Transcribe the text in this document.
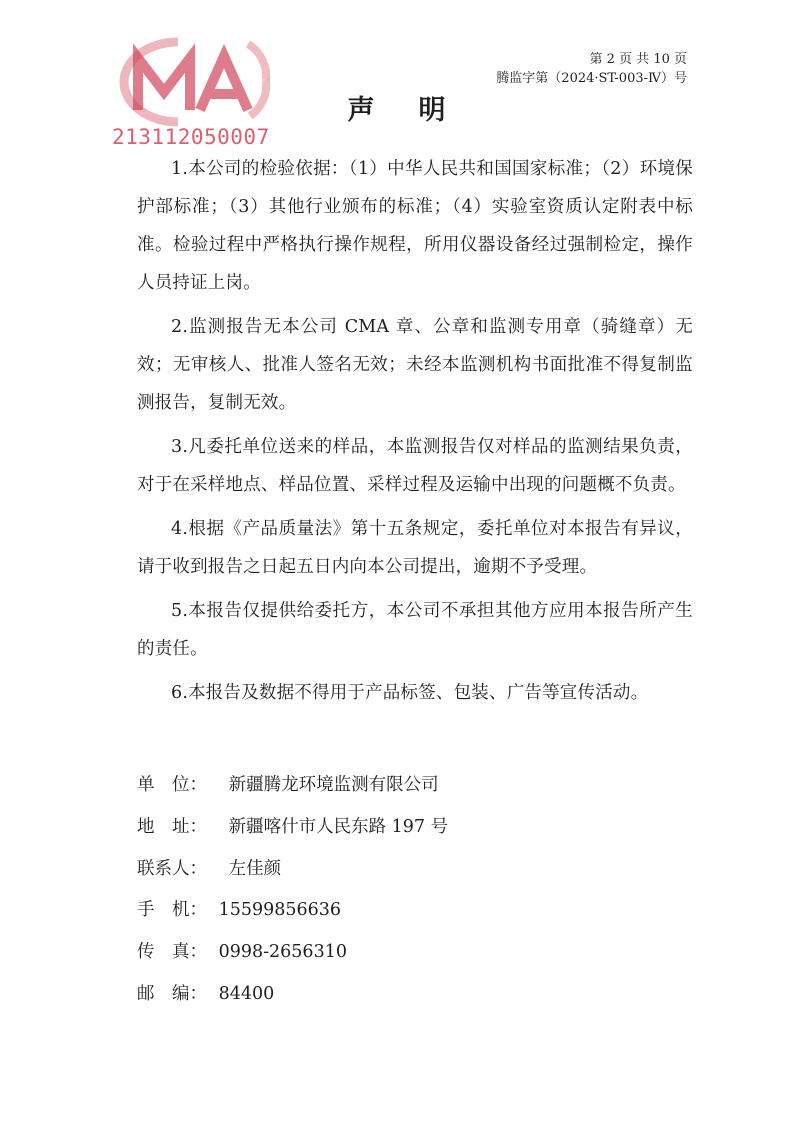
213112050007
第 2 页 共 10 页
腾监字第（2024·ST-003-Ⅳ）号
声明

1.本公司的检验依据：（1）中华人民共和国国家标准；（2）环境保护部标准；（3）其他行业颁布的标准；（4）实验室资质认定附表中标准。检验过程中严格执行操作规程，所用仪器设备经过强制检定，操作人员持证上岗。

2.监测报告无本公司 CMA 章、公章和监测专用章（骑缝章）无效；无审核人、批准人签名无效；未经本监测机构书面批准不得复制监测报告，复制无效。

3.凡委托单位送来的样品，本监测报告仅对样品的监测结果负责，对于在采样地点、样品位置、采样过程及运输中出现的问题概不负责。

4.根据《产品质量法》第十五条规定，委托单位对本报告有异议，请于收到报告之日起五日内向本公司提出，逾期不予受理。

5.本报告仅提供给委托方，本公司不承担其他方应用本报告所产生的责任。

6.本报告及数据不得用于产品标签、包装、广告等宣传活动。

单　位： 新疆腾龙环境监测有限公司
地　址： 新疆喀什市人民东路 197 号
联系人： 左佳颜
手　机： 15599856636
传　真： 0998-2656310
邮　编： 84400
